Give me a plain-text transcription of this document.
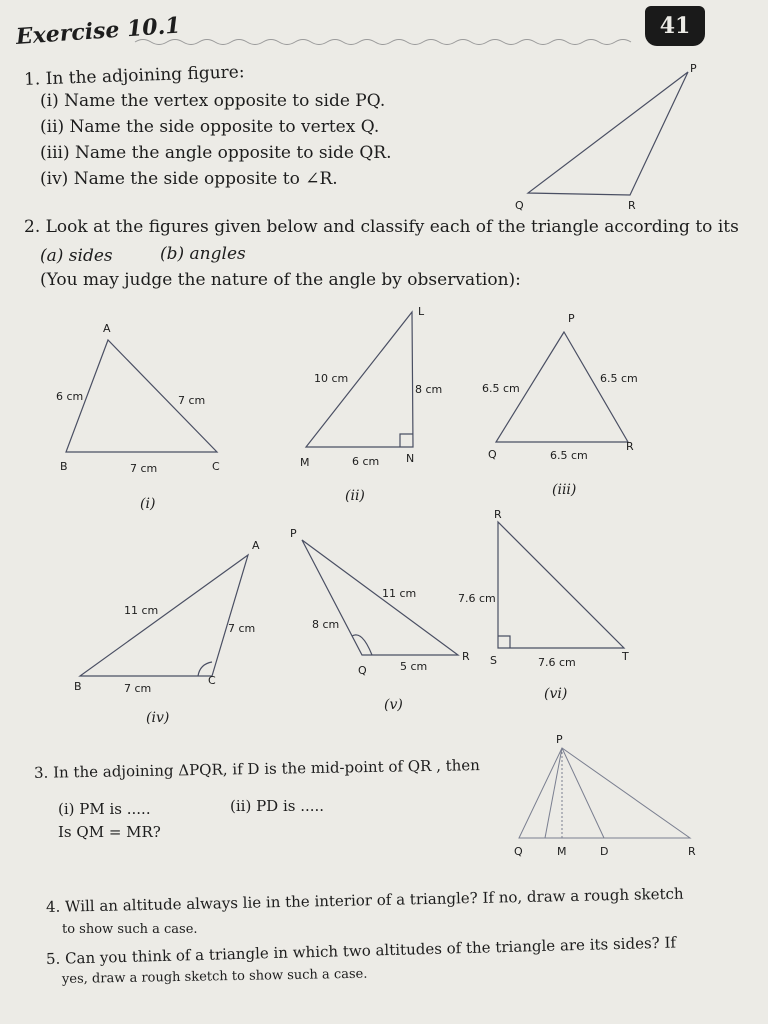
Exercise 10.1	41
1. In the adjoining figure:
(i) Name the vertex opposite to side PQ.
(ii) Name the side opposite to vertex Q.
(iii) Name the angle opposite to side QR.
(iv) Name the side opposite to ∠R.
P
Q	R
2. Look at the figures given below and classify each of the triangle according to its
(a) sides	(b) angles
(You may judge the nature of the angle by observation):
A
B	C
6 cm	7 cm
7 cm
(i)
L
M	N
10 cm
8 cm
6 cm
(ii)
P
Q
R
6.5 cm
6.5 cm
6.5 cm
(iii)
A
B	C
11 cm
7 cm
7 cm
(iv)
P
Q
R
8 cm
11 cm
5 cm
(v)
R
S	T
7.6 cm
7.6 cm
(vi)
3. In the adjoining ΔPQR, if D is the mid-point of QR , then
(i) PM is .....	(ii) PD is .....
Is QM = MR?
P
Q	M	D	R
4. Will an altitude always lie in the interior of a triangle? If no, draw a rough sketch
to show such a case.
5. Can you think of a triangle in which two altitudes of the triangle are its sides? If
yes, draw a rough sketch to show such a case.
